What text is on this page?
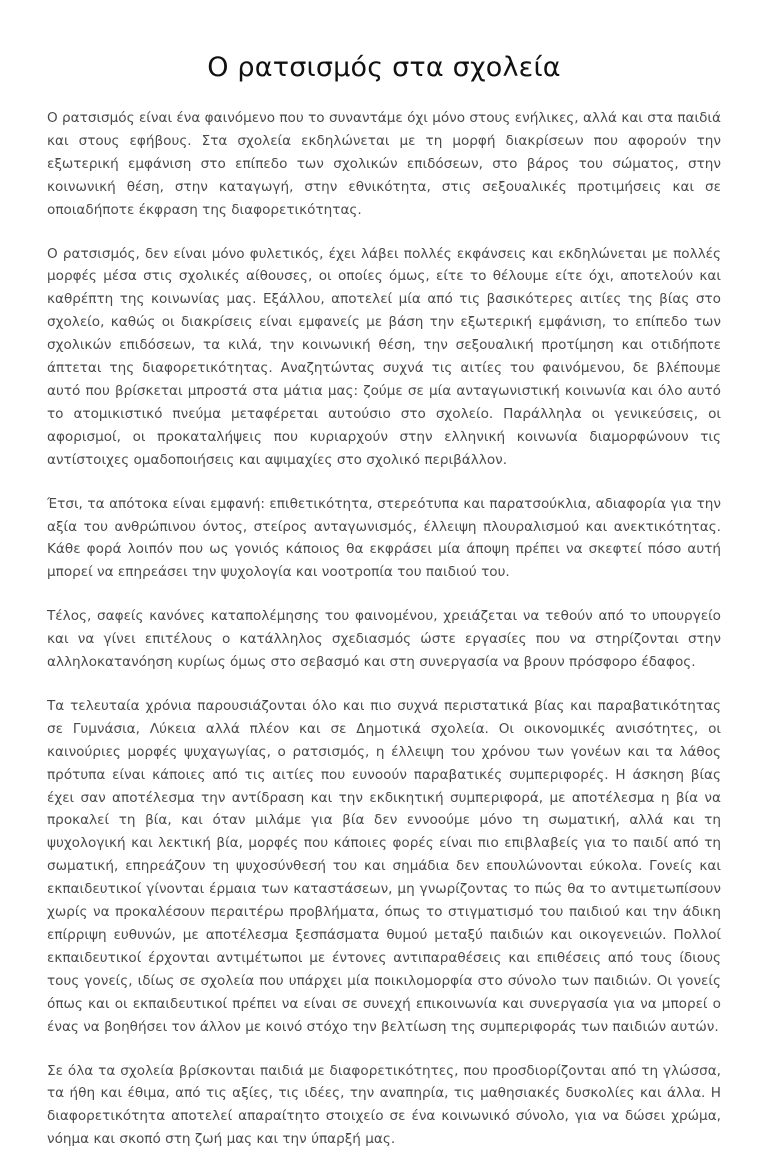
Ο ρατσισμός στα σχολεία

Ο ρατσισμός είναι ένα φαινόμενο που το συναντάμε όχι μόνο στους ενήλικες, αλλά και στα παιδιά και στους εφήβους. Στα σχολεία εκδηλώνεται με τη μορφή διακρίσεων που αφορούν την εξωτερική εμφάνιση στο επίπεδο των σχολικών επιδόσεων, στο βάρος του σώματος, στην κοινωνική θέση, στην καταγωγή, στην εθνικότητα, στις σεξουαλικές προτιμήσεις και σε οποιαδήποτε έκφραση της διαφορετικότητας.

Ο ρατσισμός, δεν είναι μόνο φυλετικός, έχει λάβει πολλές εκφάνσεις και εκδηλώνεται με πολλές μορφές μέσα στις σχολικές αίθουσες, οι οποίες όμως, είτε το θέλουμε είτε όχι, αποτελούν και καθρέπτη της κοινωνίας μας. Εξάλλου, αποτελεί μία από τις βασικότερες αιτίες της βίας στο σχολείο, καθώς οι διακρίσεις είναι εμφανείς με βάση την εξωτερική εμφάνιση, το επίπεδο των σχολικών επιδόσεων, τα κιλά, την κοινωνική θέση, την σεξουαλική προτίμηση και οτιδήποτε άπτεται της διαφορετικότητας. Αναζητώντας συχνά τις αιτίες του φαινόμενου, δε βλέπουμε αυτό που βρίσκεται μπροστά στα μάτια μας: ζούμε σε μία ανταγωνιστική κοινωνία και όλο αυτό το ατομικιστικό πνεύμα μεταφέρεται αυτούσιο στο σχολείο. Παράλληλα οι γενικεύσεις, οι αφορισμοί, οι προκαταλήψεις που κυριαρχούν στην ελληνική κοινωνία διαμορφώνουν τις αντίστοιχες ομαδοποιήσεις και αψιμαχίες στο σχολικό περιβάλλον.

Έτσι, τα απότοκα είναι εμφανή: επιθετικότητα, στερεότυπα και παρατσούκλια, αδιαφορία για την αξία του ανθρώπινου όντος, στείρος ανταγωνισμός, έλλειψη πλουραλισμού και ανεκτικότητας. Κάθε φορά λοιπόν που ως γονιός κάποιος θα εκφράσει μία άποψη πρέπει να σκεφτεί πόσο αυτή μπορεί να επηρεάσει την ψυχολογία και νοοτροπία του παιδιού του.

Τέλος, σαφείς κανόνες καταπολέμησης του φαινομένου, χρειάζεται να τεθούν από το υπουργείο και να γίνει επιτέλους ο κατάλληλος σχεδιασμός ώστε εργασίες που να στηρίζονται στην αλληλοκατανόηση κυρίως όμως στο σεβασμό και στη συνεργασία να βρουν πρόσφορο έδαφος.

Τα τελευταία χρόνια παρουσιάζονται όλο και πιο συχνά περιστατικά βίας και παραβατικότητας σε Γυμνάσια, Λύκεια αλλά πλέον και σε Δημοτικά σχολεία. Οι οικονομικές ανισότητες, οι καινούριες μορφές ψυχαγωγίας, ο ρατσισμός, η έλλειψη του χρόνου των γονέων και τα λάθος πρότυπα είναι κάποιες από τις αιτίες που ευνοούν παραβατικές συμπεριφορές. Η άσκηση βίας έχει σαν αποτέλεσμα την αντίδραση και την εκδικητική συμπεριφορά, με αποτέλεσμα η βία να προκαλεί τη βία, και όταν μιλάμε για βία δεν εννοούμε μόνο τη σωματική, αλλά και τη ψυχολογική και λεκτική βία, μορφές που κάποιες φορές είναι πιο επιβλαβείς για το παιδί από τη σωματική, επηρεάζουν τη ψυχοσύνθεσή του και σημάδια δεν επουλώνονται εύκολα. Γονείς και εκπαιδευτικοί γίνονται έρμαια των καταστάσεων, μη γνωρίζοντας το πώς θα το αντιμετωπίσουν χωρίς να προκαλέσουν περαιτέρω προβλήματα, όπως το στιγματισμό του παιδιού και την άδικη επίρριψη ευθυνών, με αποτέλεσμα ξεσπάσματα θυμού μεταξύ παιδιών και οικογενειών. Πολλοί εκπαιδευτικοί έρχονται αντιμέτωποι με έντονες αντιπαραθέσεις και επιθέσεις από τους ίδιους τους γονείς, ιδίως σε σχολεία που υπάρχει μία ποικιλομορφία στο σύνολο των παιδιών. Οι γονείς όπως και οι εκπαιδευτικοί πρέπει να είναι σε συνεχή επικοινωνία και συνεργασία για να μπορεί ο ένας να βοηθήσει τον άλλον με κοινό στόχο την βελτίωση της συμπεριφοράς των παιδιών αυτών.

Σε όλα τα σχολεία βρίσκονται παιδιά με διαφορετικότητες, που προσδιορίζονται από τη γλώσσα, τα ήθη και έθιμα, από τις αξίες, τις ιδέες, την αναπηρία, τις μαθησιακές δυσκολίες και άλλα. Η διαφορετικότητα αποτελεί απαραίτητο στοιχείο σε ένα κοινωνικό σύνολο, για να δώσει χρώμα, νόημα και σκοπό στη ζωή μας και την ύπαρξή μας.
